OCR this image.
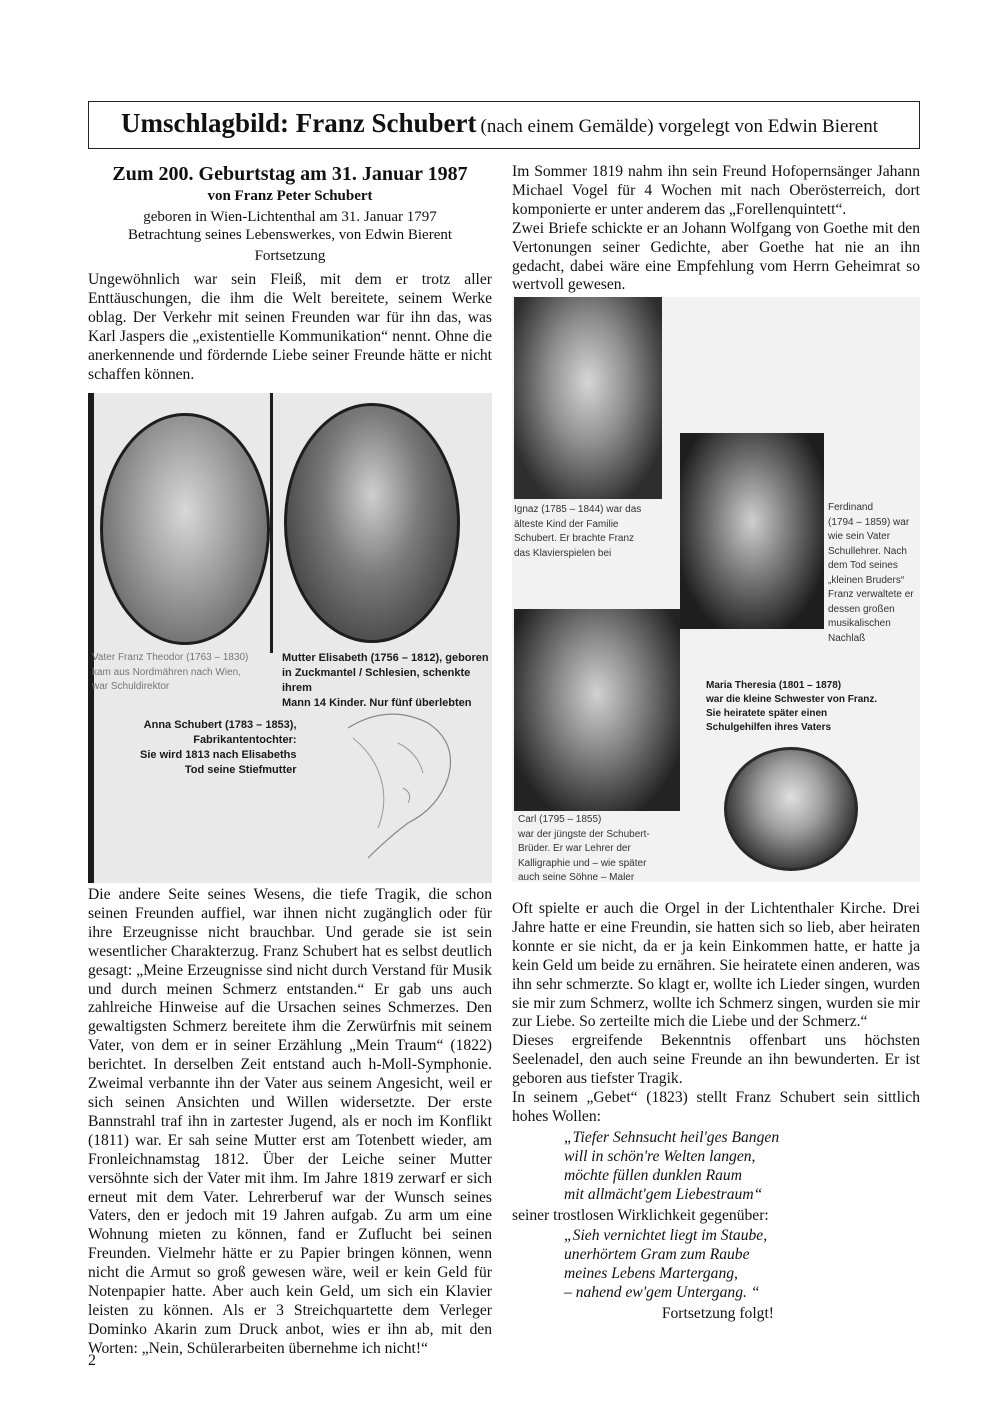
Umschlagbild: Franz Schubert (nach einem Gemälde) vorgelegt von Edwin Bierent
Zum 200. Geburtstag am 31. Januar 1987
von Franz Peter Schubert
geboren in Wien-Lichtenthal am 31. Januar 1797
Betrachtung seines Lebenswerkes, von Edwin Bierent
Fortsetzung

Ungewöhnlich war sein Fleiß, mit dem er trotz aller Enttäuschungen, die ihm die Welt bereitete, seinem Werke oblag. Der Verkehr mit seinen Freunden war für ihn das, was Karl Jaspers die „existentielle Kommunikation“ nennt. Ohne die anerkennende und fördernde Liebe seiner Freunde hätte er nicht schaffen können.

Vater Franz Theodor (1763 – 1830)
kam aus Nordmähren nach Wien,
war Schuldirektor
Mutter Elisabeth (1756 – 1812), geboren
in Zuckmantel / Schlesien, schenkte ihrem
Mann 14 Kinder. Nur fünf überlebten
Anna Schubert (1783 – 1853),
Fabrikantentochter:
Sie wird 1813 nach Elisabeths
Tod seine Stiefmutter

Im Sommer 1819 nahm ihn sein Freund Hofopernsänger Jahann Michael Vogel für 4 Wochen mit nach Oberösterreich, dort komponierte er unter anderem das „Forellenquintett“.

Zwei Briefe schickte er an Johann Wolfgang von Goethe mit den Vertonungen seiner Gedichte, aber Goethe hat nie an ihn gedacht, dabei wäre eine Empfehlung vom Herrn Geheimrat so wertvoll gewesen.

Ignaz (1785 – 1844) war das
älteste Kind der Familie
Schubert. Er brachte Franz
das Klavierspielen bei
Ferdinand
(1794 – 1859) war
wie sein Vater
Schullehrer. Nach
dem Tod seines
„kleinen Bruders“
Franz verwaltete er
dessen großen
musikalischen
Nachlaß
Carl (1795 – 1855)
war der jüngste der Schubert-
Brüder. Er war Lehrer der
Kalligraphie und – wie später
auch seine Söhne – Maler
Maria Theresia (1801 – 1878)
war die kleine Schwester von Franz.
Sie heiratete später einen
Schulgehilfen ihres Vaters

Die andere Seite seines Wesens, die tiefe Tragik, die schon seinen Freunden auffiel, war ihnen nicht zugänglich oder für ihre Erzeugnisse nicht brauchbar. Und gerade sie ist sein wesentlicher Charakterzug. Franz Schubert hat es selbst deutlich gesagt: „Meine Erzeugnisse sind nicht durch Verstand für Musik und durch meinen Schmerz entstanden.“ Er gab uns auch zahlreiche Hinweise auf die Ursachen seines Schmerzes. Den gewaltigsten Schmerz bereitete ihm die Zerwürfnis mit seinem Vater, von dem er in seiner Erzählung „Mein Traum“ (1822) berichtet. In derselben Zeit entstand auch h-Moll-Symphonie. Zweimal verbannte ihn der Vater aus seinem Angesicht, weil er sich seinen Ansichten und Willen widersetzte. Der erste Bannstrahl traf ihn in zartester Jugend, als er noch im Konflikt (1811) war. Er sah seine Mutter erst am Totenbett wieder, am Fronleichnamstag 1812. Über der Leiche seiner Mutter versöhnte sich der Vater mit ihm. Im Jahre 1819 zerwarf er sich erneut mit dem Vater. Lehrerberuf war der Wunsch seines Vaters, den er jedoch mit 19 Jahren aufgab. Zu arm um eine Wohnung mieten zu können, fand er Zuflucht bei seinen Freunden. Vielmehr hätte er zu Papier bringen können, wenn nicht die Armut so groß gewesen wäre, weil er kein Geld für Notenpapier hatte. Aber auch kein Geld, um sich ein Klavier leisten zu können. Als er 3 Streichquartette dem Verleger Dominko Akarin zum Druck anbot, wies er ihn ab, mit den Worten: „Nein, Schülerarbeiten übernehme ich nicht!“

Oft spielte er auch die Orgel in der Lichtenthaler Kirche. Drei Jahre hatte er eine Freundin, sie hatten sich so lieb, aber heiraten konnte er sie nicht, da er ja kein Einkommen hatte, er hatte ja kein Geld um beide zu ernähren. Sie heiratete einen anderen, was ihn sehr schmerzte. So klagt er, wollte ich Lieder singen, wurden sie mir zum Schmerz, wollte ich Schmerz singen, wurden sie mir zur Liebe. So zerteilte mich die Liebe und der Schmerz.“

Dieses ergreifende Bekenntnis offenbart uns höchsten Seelenadel, den auch seine Freunde an ihn bewunderten. Er ist geboren aus tiefster Tragik.

In seinem „Gebet“ (1823) stellt Franz Schubert sein sittlich hohes Wollen:

„Tiefer Sehnsucht heil'ges Bangen
will in schön're Welten langen,
möchte füllen dunklen Raum
mit allmächt'gem Liebestraum“

seiner trostlosen Wirklichkeit gegenüber:

„Sieh vernichtet liegt im Staube,
unerhörtem Gram zum Raube
meines Lebens Martergang,
– nahend ew'gem Untergang. “

Fortsetzung folgt!

2
